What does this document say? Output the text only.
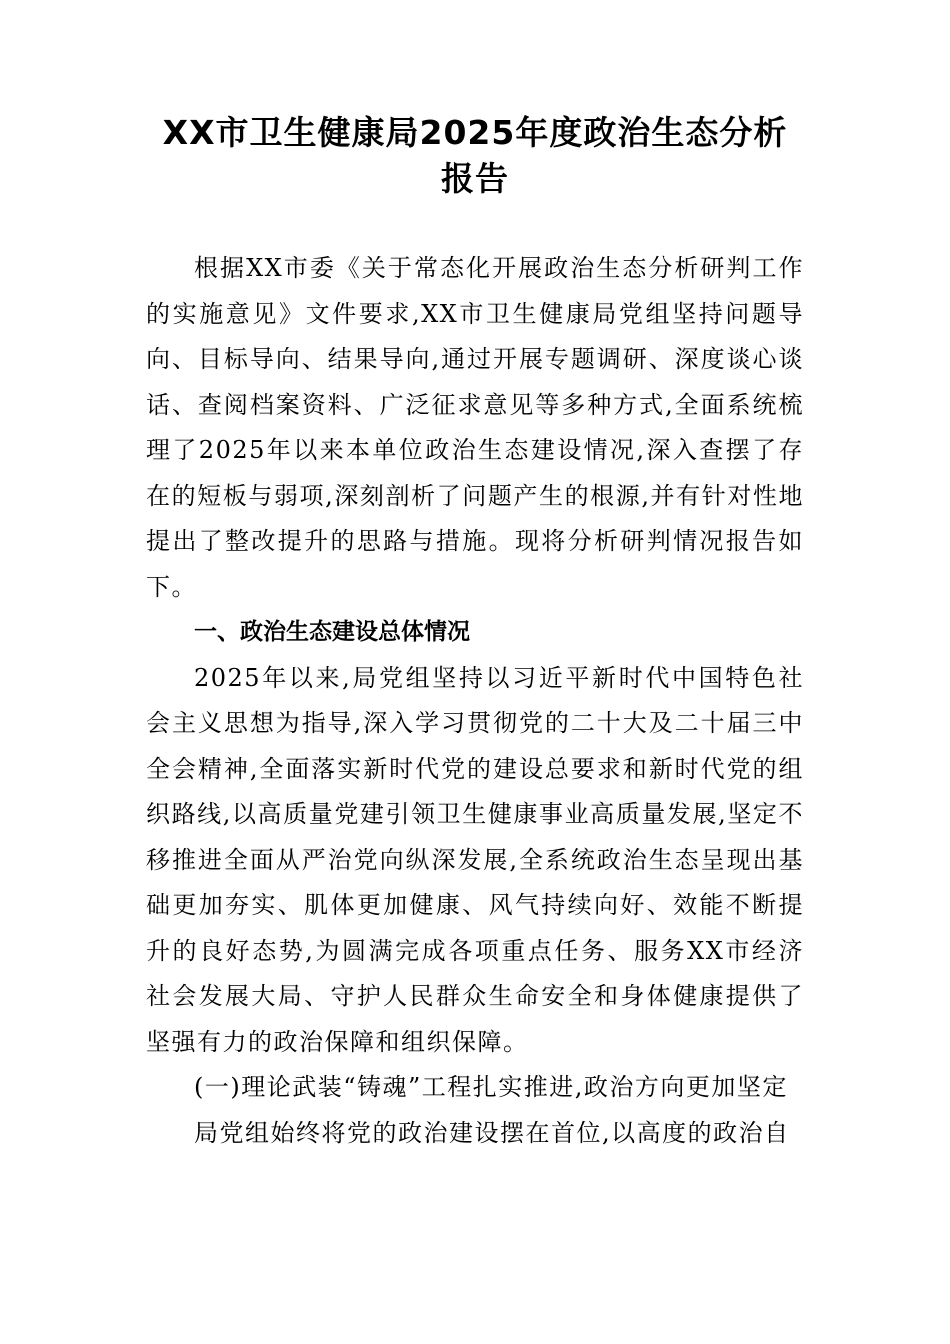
XX市卫生健康局2025年度政治生态分析报告

根据XX市委《关于常态化开展政治生态分析研判工作的实施意见》文件要求,XX市卫生健康局党组坚持问题导向、目标导向、结果导向,通过开展专题调研、深度谈心谈话、查阅档案资料、广泛征求意见等多种方式,全面系统梳理了2025年以来本单位政治生态建设情况,深入查摆了存在的短板与弱项,深刻剖析了问题产生的根源,并有针对性地提出了整改提升的思路与措施。现将分析研判情况报告如下。

一、政治生态建设总体情况

2025年以来,局党组坚持以习近平新时代中国特色社会主义思想为指导,深入学习贯彻党的二十大及二十届三中全会精神,全面落实新时代党的建设总要求和新时代党的组织路线,以高质量党建引领卫生健康事业高质量发展,坚定不移推进全面从严治党向纵深发展,全系统政治生态呈现出基础更加夯实、肌体更加健康、风气持续向好、效能不断提升的良好态势,为圆满完成各项重点任务、服务XX市经济社会发展大局、守护人民群众生命安全和身体健康提供了坚强有力的政治保障和组织保障。

(一)理论武装“铸魂”工程扎实推进,政治方向更加坚定

局党组始终将党的政治建设摆在首位,以高度的政治自
